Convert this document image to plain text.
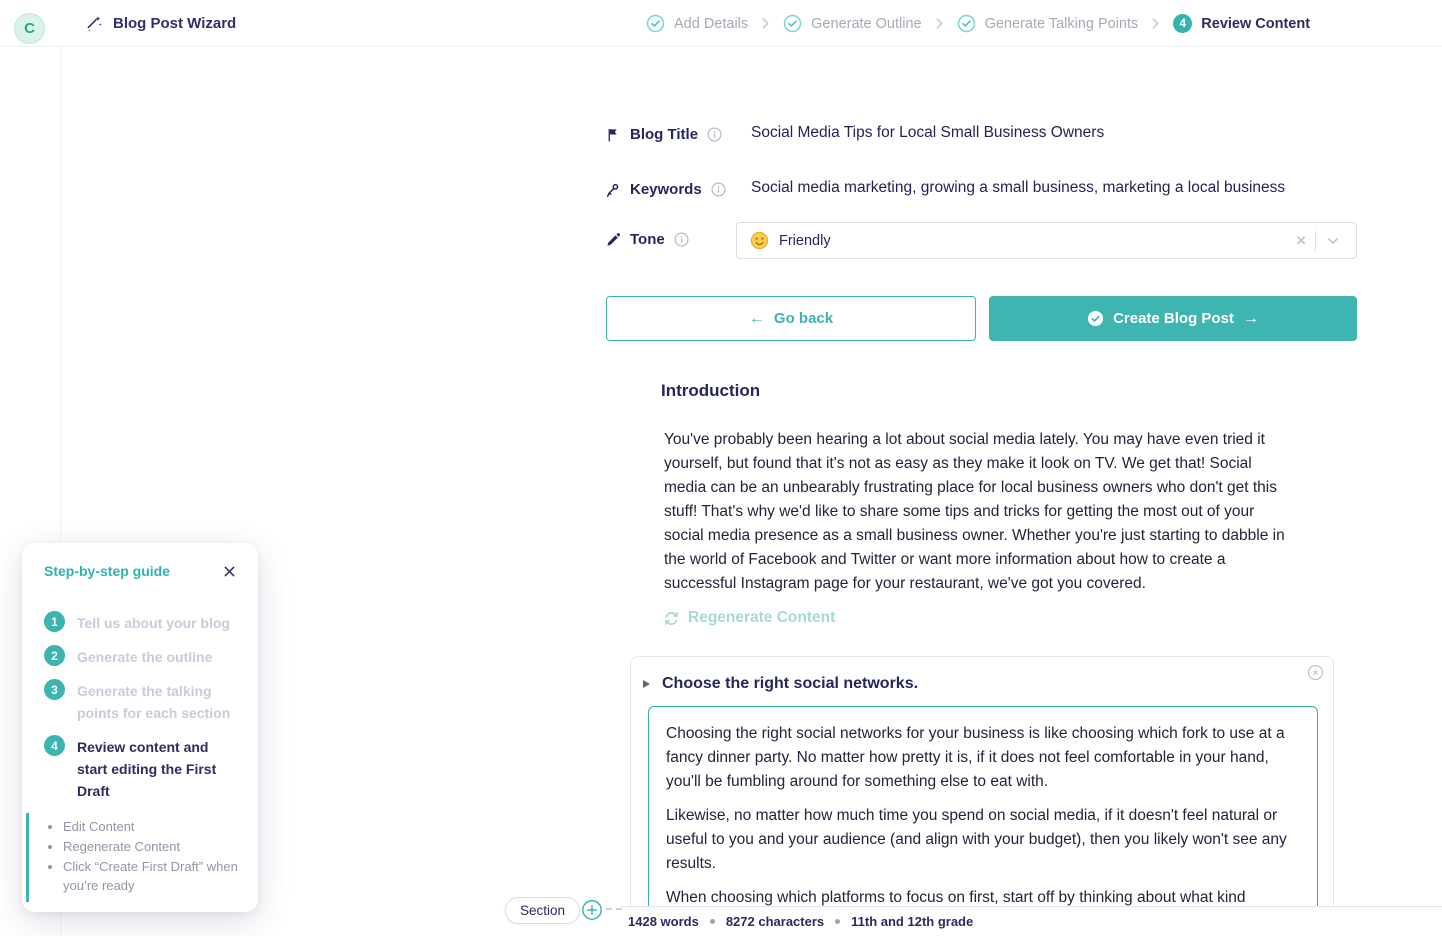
Blog Post Wizard	Add Details	Generate Outline	Generate Talking Points	4	Review Content
C
Blog Title	Social Media Tips for Local Small Business Owners
Keywords	Social media marketing, growing a small business, marketing a local business
Tone	Friendly	×
← Go back	Create Blog Post →
Introduction
You've probably been hearing a lot about social media lately. You may have even tried it yourself, but found that it's not as easy as they make it look on TV. We get that! Social media can be an unbearably frustrating place for local business owners who don't get this stuff! That's why we'd like to share some tips and tricks for getting the most out of your social media presence as a small business owner. Whether you're just starting to dabble in the world of Facebook and Twitter or want more information about how to create a successful Instagram page for your restaurant, we've got you covered.
Regenerate Content
Choose the right social networks.

Choosing the right social networks for your business is like choosing which fork to use at a fancy dinner party. No matter how pretty it is, if it does not feel comfortable in your hand, you'll be fumbling around for something else to eat with.

Likewise, no matter how much time you spend on social media, if it doesn't feel natural or useful to you and your audience (and align with your budget), then you likely won't see any results.

When choosing which platforms to focus on first, start off by thinking about what kind

Section
1428 words 8272 characters 11th and 12th grade
Step-by-step guide
1	Tell us about your blog
2	Generate the outline
3	Generate the talking points for each section
4	Review content and start editing the First Draft
Edit Content
Regenerate Content
Click “Create First Draft” when you’re ready
